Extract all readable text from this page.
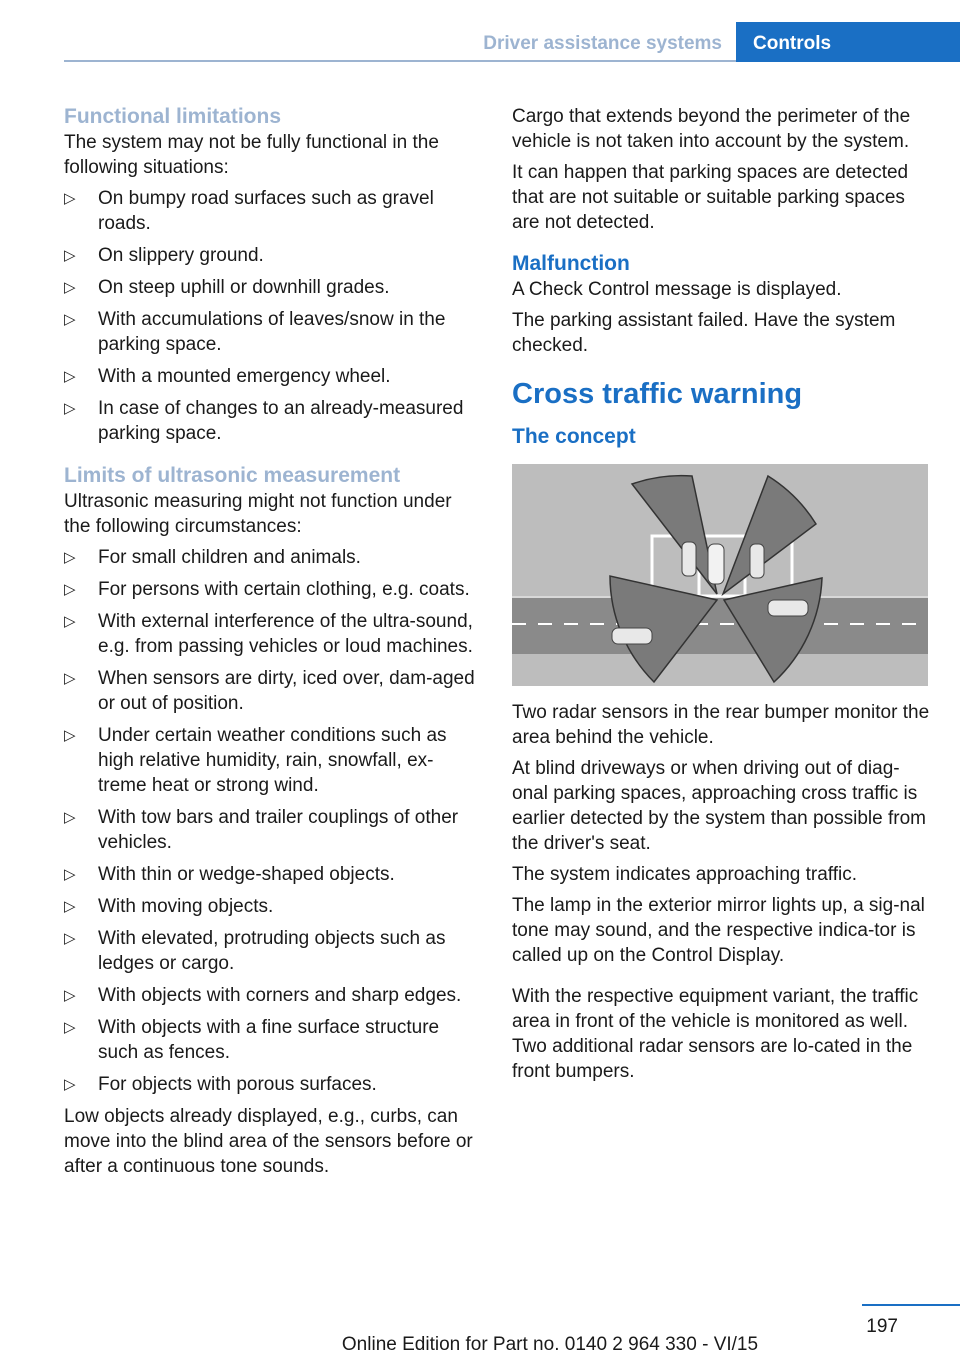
Driver assistance systems	Controls
Functional limitations

The system may not be fully functional in the following situations:

▷ On bumpy road surfaces such as gravel roads.
▷ On slippery ground.
▷ On steep uphill or downhill grades.
▷ With accumulations of leaves/snow in the parking space.
▷ With a mounted emergency wheel.
▷ In case of changes to an already-measured parking space.
Limits of ultrasonic measurement

Ultrasonic measuring might not function under the following circumstances:

▷ For small children and animals.
▷ For persons with certain clothing, e.g. coats.
▷ With external interference of the ultra‐sound, e.g. from passing vehicles or loud machines.
▷ When sensors are dirty, iced over, dam‐aged or out of position.
▷ Under certain weather conditions such as high relative humidity, rain, snowfall, ex‐treme heat or strong wind.
▷ With tow bars and trailer couplings of other vehicles.
▷ With thin or wedge-shaped objects.
▷ With moving objects.
▷ With elevated, protruding objects such as ledges or cargo.
▷ With objects with corners and sharp edges.
▷ With objects with a fine surface structure such as fences.
▷ For objects with porous surfaces.

Low objects already displayed, e.g., curbs, can move into the blind area of the sensors before or after a continuous tone sounds.

Cargo that extends beyond the perimeter of the vehicle is not taken into account by the system.

It can happen that parking spaces are detected that are not suitable or suitable parking spaces are not detected.

Malfunction

A Check Control message is displayed.

The parking assistant failed. Have the system checked.

Cross traffic warning
The concept

Two radar sensors in the rear bumper monitor the area behind the vehicle.

At blind driveways or when driving out of diag‐onal parking spaces, approaching cross traffic is earlier detected by the system than possible from the driver's seat.

The system indicates approaching traffic.

The lamp in the exterior mirror lights up, a sig‐nal tone may sound, and the respective indica‐tor is called up on the Control Display.

With the respective equipment variant, the traffic area in front of the vehicle is monitored as well. Two additional radar sensors are lo‐cated in the front bumpers.

197
Online Edition for Part no. 0140 2 964 330 - VI/15
